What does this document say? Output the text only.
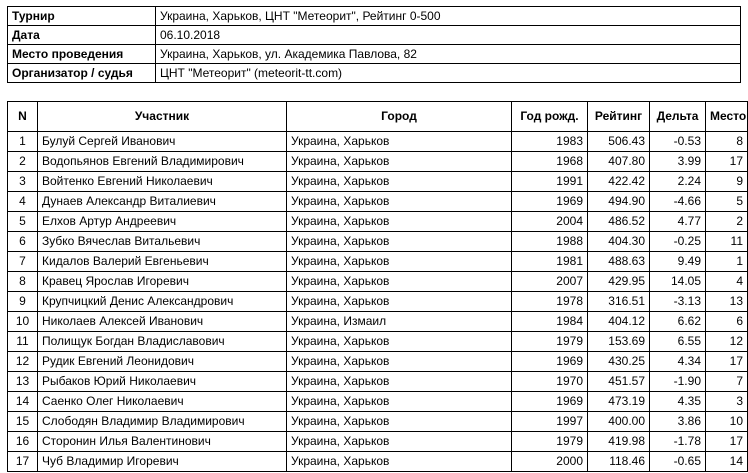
Турнир	Украина, Харьков, ЦНТ "Метеорит", Рейтинг 0-500
Дата	06.10.2018
Место проведения	Украина, Харьков, ул. Академика Павлова, 82
Организатор / судья	ЦНТ "Метеорит" (meteorit-tt.com)
N	Участник	Город	Год рожд.	Рейтинг	Дельта	Место
1	Булуй Сергей Иванович	Украина, Харьков	1983	506.43	-0.53	8
2	Водопьянов Евгений Владимирович	Украина, Харьков	1968	407.80	3.99	17
3	Войтенко Евгений Николаевич	Украина, Харьков	1991	422.42	2.24	9
4	Дунаев Александр Виталиевич	Украина, Харьков	1969	494.90	-4.66	5
5	Елхов Артур Андреевич	Украина, Харьков	2004	486.52	4.77	2
6	Зубко Вячеслав Витальевич	Украина, Харьков	1988	404.30	-0.25	11
7	Кидалов Валерий Евгеньевич	Украина, Харьков	1981	488.63	9.49	1
8	Кравец Ярослав Игоревич	Украина, Харьков	2007	429.95	14.05	4
9	Крупчицкий Денис Александрович	Украина, Харьков	1978	316.51	-3.13	13
10	Николаев Алексей Иванович	Украина, Измаил	1984	404.12	6.62	6
11	Полищук Богдан Владиславович	Украина, Харьков	1979	153.69	6.55	12
12	Рудик Евгений Леонидович	Украина, Харьков	1969	430.25	4.34	17
13	Рыбаков Юрий Николаевич	Украина, Харьков	1970	451.57	-1.90	7
14	Саенко Олег Николаевич	Украина, Харьков	1969	473.19	4.35	3
15	Слободян Владимир Владимирович	Украина, Харьков	1997	400.00	3.86	10
16	Сторонин Илья Валентинович	Украина, Харьков	1979	419.98	-1.78	17
17	Чуб Владимир Игоревич	Украина, Харьков	2000	118.46	-0.65	14
